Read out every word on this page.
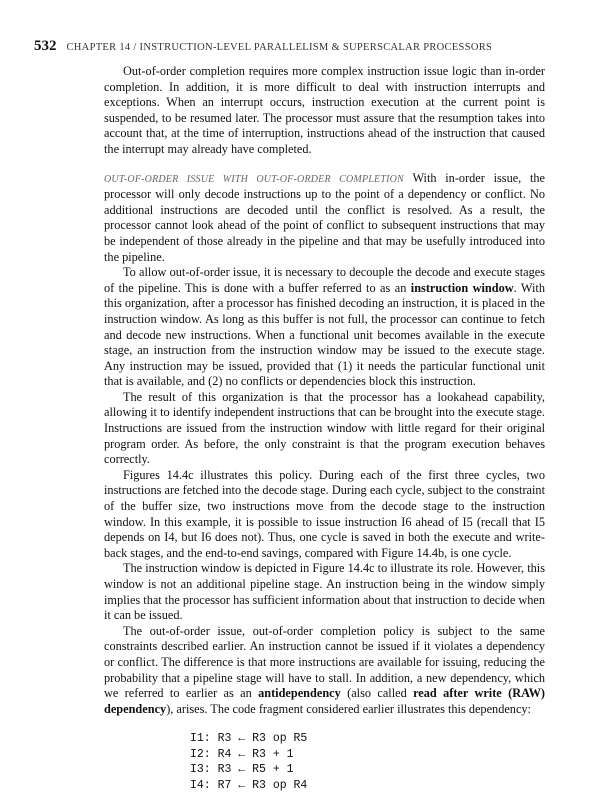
532 CHAPTER 14 / INSTRUCTION-LEVEL PARALLELISM & SUPERSCALAR PROCESSORS

Out-of-order completion requires more complex instruction issue logic than in-order completion. In addition, it is more difficult to deal with instruction interrupts and exceptions. When an interrupt occurs, instruction execution at the current point is suspended, to be resumed later. The processor must assure that the resumption takes into account that, at the time of interruption, instructions ahead of the instruction that caused the interrupt may already have completed.

OUT-OF-ORDER ISSUE WITH OUT-OF-ORDER COMPLETION With in-order issue, the processor will only decode instructions up to the point of a dependency or conflict. No additional instructions are decoded until the conflict is resolved. As a result, the processor cannot look ahead of the point of conflict to subsequent instructions that may be independent of those already in the pipeline and that may be usefully introduced into the pipeline.

To allow out-of-order issue, it is necessary to decouple the decode and execute stages of the pipeline. This is done with a buffer referred to as an instruction window. With this organization, after a processor has finished decoding an instruction, it is placed in the instruction window. As long as this buffer is not full, the processor can continue to fetch and decode new instructions. When a functional unit becomes available in the execute stage, an instruction from the instruction window may be issued to the execute stage. Any instruction may be issued, provided that (1) it needs the particular functional unit that is available, and (2) no conflicts or dependencies block this instruction.

The result of this organization is that the processor has a lookahead capability, allowing it to identify independent instructions that can be brought into the execute stage. Instructions are issued from the instruction window with little regard for their original program order. As before, the only constraint is that the program execution behaves correctly.

Figures 14.4c illustrates this policy. During each of the first three cycles, two instructions are fetched into the decode stage. During each cycle, subject to the constraint of the buffer size, two instructions move from the decode stage to the instruction window. In this example, it is possible to issue instruction I6 ahead of I5 (recall that I5 depends on I4, but I6 does not). Thus, one cycle is saved in both the execute and write-back stages, and the end-to-end savings, compared with Figure 14.4b, is one cycle.

The instruction window is depicted in Figure 14.4c to illustrate its role. However, this window is not an additional pipeline stage. An instruction being in the window simply implies that the processor has sufficient information about that instruction to decide when it can be issued.

The out-of-order issue, out-of-order completion policy is subject to the same constraints described earlier. An instruction cannot be issued if it violates a dependency or conflict. The difference is that more instructions are available for issuing, reducing the probability that a pipeline stage will have to stall. In addition, a new dependency, which we referred to earlier as an antidependency (also called read after write (RAW) dependency), arises. The code fragment considered earlier illustrates this dependency:

I1: R3 ← R3 op R5
I2: R4 ← R3 + 1
I3: R3 ← R5 + 1
I4: R7 ← R3 op R4
